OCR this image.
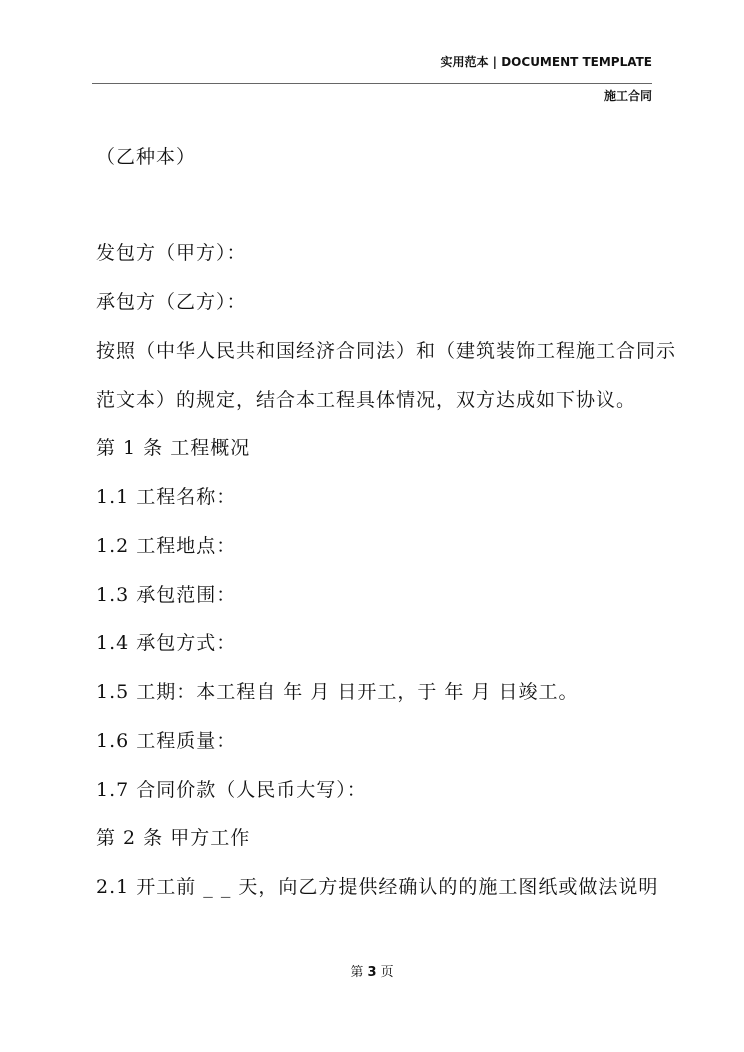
实用范本 | DOCUMENT TEMPLATE
施工合同
（乙种本）
发包方（甲方）：
承包方（乙方）：
按照（中华人民共和国经济合同法）和（建筑装饰工程施工合同示
范文本）的规定，结合本工程具体情况，双方达成如下协议。
第 1 条 工程概况
1.1 工程名称：
1.2 工程地点：
1.3 承包范围：
1.4 承包方式：
1.5 工期：本工程自 年 月 日开工，于 年 月 日竣工。
1.6 工程质量：
1.7 合同价款（人民币大写）：
第 2 条 甲方工作
2.1 开工前 _ _ 天，向乙方提供经确认的的施工图纸或做法说明
第 3 页
